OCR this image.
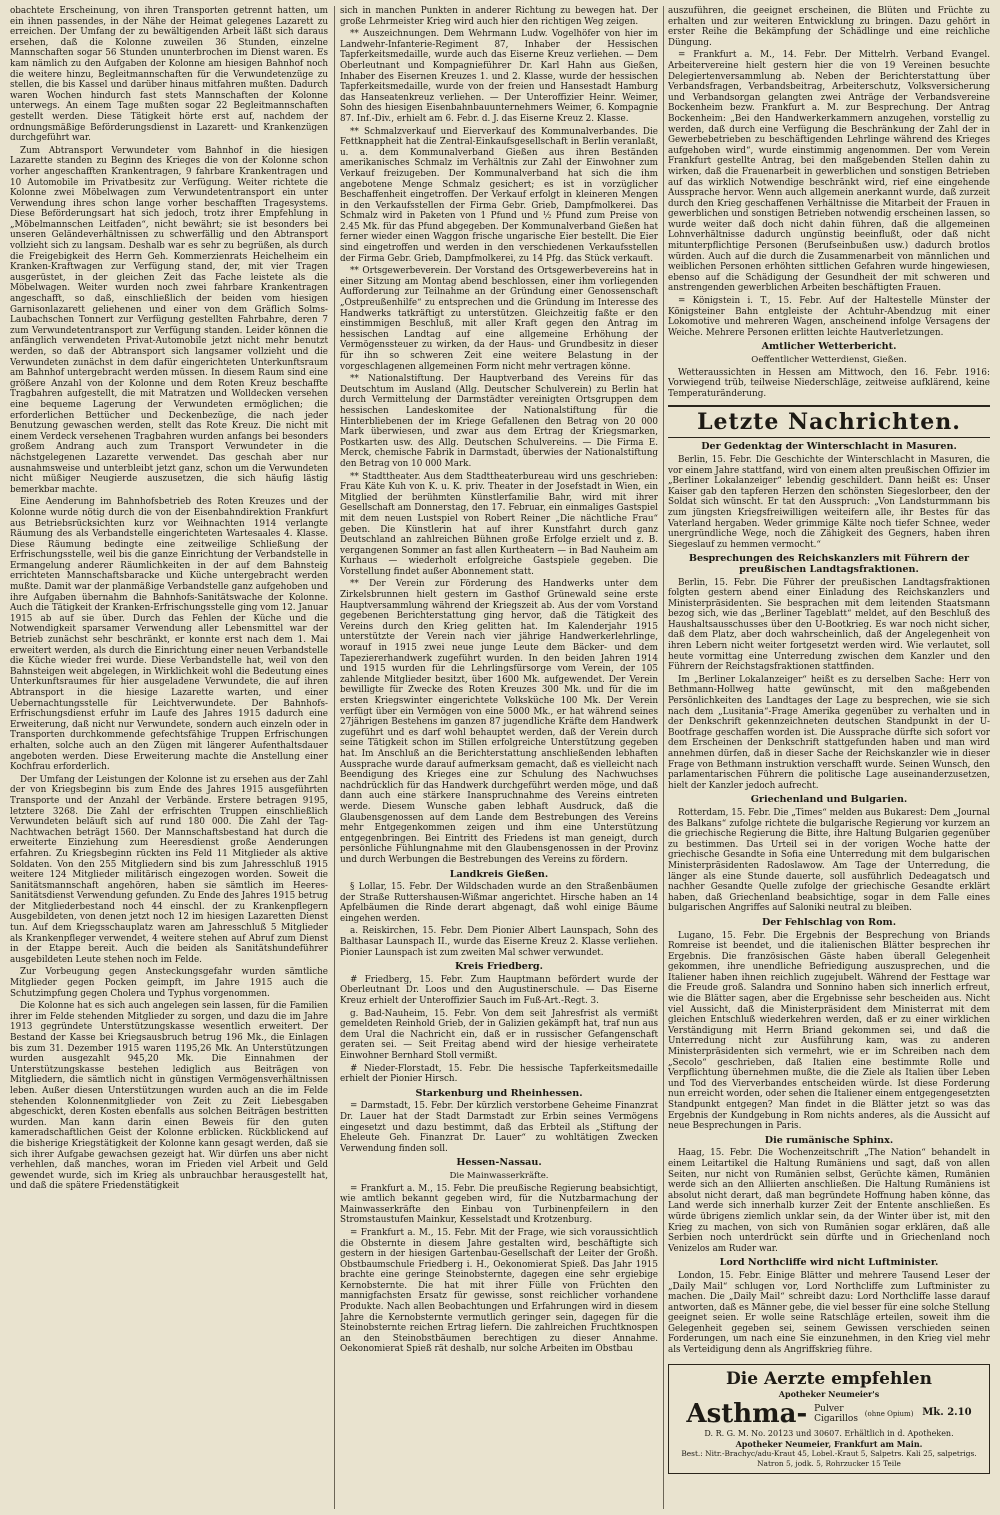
obachtete Erscheinung, von ihren Transporten getrennt hatten, um ein ihnen passendes, in der Nähe der Heimat gelegenes Lazarett zu erreichen. Der Umfang der zu bewältigenden Arbeit läßt sich daraus ersehen, daß die Kolonne zuweilen 36 Stunden, einzelne Mannschaften sogar 56 Stunden ununterbrochen im Dienst waren. Es kam nämlich zu den Aufgaben der Kolonne am hiesigen Bahnhof noch die weitere hinzu, Begleitmannschaften für die Verwundetenzüge zu stellen, die bis Kassel und darüber hinaus mitfahren mußten. Dadurch waren Wochen hindurch fast stets Mannschaften der Kolonne unterwegs. An einem Tage mußten sogar 22 Begleitmannschaften gestellt werden. Diese Tätigkeit hörte erst auf, nachdem der ordnungsmäßige Beförderungsdienst in Lazarett- und Krankenzügen durchgeführt war.

Zum Abtransport Verwundeter vom Bahnhof in die hiesigen Lazarette standen zu Beginn des Krieges die von der Kolonne schon vorher angeschafften Krankentragen, 9 fahrbare Krankentragen und 10 Automobile im Privatbesitz zur Verfügung. Weiter richtete die Kolonne zwei Möbelwagen zum Verwundetentransport ein unter Verwendung ihres schon lange vorher beschafften Tragesystems. Diese Beförderungsart hat sich jedoch, trotz ihrer Empfehlung in „Möbelmannschen Leitfaden“, nicht bewährt; sie ist besonders bei unseren Geländeverhältnissen zu schwerfällig und den Abtransport vollzieht sich zu langsam. Deshalb war es sehr zu begrüßen, als durch die Freigebigkeit des Herrn Geh. Kommerzienrats Heichelheim ein Kranken-Kraftwagen zur Verfügung stand, der, mit vier Tragen ausgerüstet, in der gleichen Zeit das Fache leistete als die Möbelwagen. Weiter wurden noch zwei fahrbare Krankentragen angeschafft, so daß, einschließlich der beiden vom hiesigen Garnisonlazarett geliehenen und einer von dem Gräflich Solms-Laubachschen Tonnert zur Verfügung gestellten Fahrbahre, deren 7 zum Verwundetentransport zur Verfügung standen. Leider können die anfänglich verwendeten Privat-Automobile jetzt nicht mehr benutzt werden, so daß der Abtransport sich langsamer vollzieht und die Verwundeten zunächst in dem dafür eingerichteten Unterkunftsraum am Bahnhof untergebracht werden müssen. In diesem Raum sind eine größere Anzahl von der Kolonne und dem Roten Kreuz beschaffte Tragbahren aufgestellt, die mit Matratzen und Wolldecken versehen eine bequeme Lagerung der Verwundeten ermöglichen; die erforderlichen Bettücher und Deckenbezüge, die nach jeder Benutzung gewaschen werden, stellt das Rote Kreuz. Die nicht mit einem Verdeck versehenen Tragbahren wurden anfangs bei besonders großem Andrang auch zum Transport Verwundeter in die nächstgelegenen Lazarette verwendet. Das geschah aber nur ausnahmsweise und unterbleibt jetzt ganz, schon um die Verwundeten nicht müßiger Neugierde auszusetzen, die sich häufig lästig bemerkbar machte.

Eine Aenderung im Bahnhofsbetrieb des Roten Kreuzes und der Kolonne wurde nötig durch die von der Eisenbahndirektion Frankfurt aus Betriebsrücksichten kurz vor Weihnachten 1914 verlangte Räumung des als Verbandstelle eingerichteten Wartesaales 4. Klasse. Diese Räumung bedingte eine zeitweilige Schließung der Erfrischungsstelle, weil bis die ganze Einrichtung der Verbandstelle in Ermangelung anderer Räumlichkeiten in der auf dem Bahnsteig errichteten Mannschaftsbaracke und Küche untergebracht werden mußte. Damit war der planmäßige Verbandstelle ganz aufgehoben und ihre Aufgaben übernahm die Bahnhofs-Sanitätswache der Kolonne. Auch die Tätigkeit der Kranken-Erfrischungsstelle ging vom 12. Januar 1915 ab auf sie über. Durch das Fehlen der Küche und die Notwendigkeit sparsamer Verwendung aller Lebensmittel war der Betrieb zunächst sehr beschränkt, er konnte erst nach dem 1. Mai erweitert werden, als durch die Einrichtung einer neuen Verbandstelle die Küche wieder frei wurde. Diese Verbandstelle hat, weil von den Bahnsteigen weit abgelegen, in Wirklichkeit wohl die Bedeutung eines Unterkunftsraumes für hier ausgeladene Verwundete, die auf ihren Abtransport in die hiesige Lazarette warten, und einer Uebernachtungsstelle für Leichtverwundete. Der Bahnhofs-Erfrischungsdienst erfuhr im Laufe des Jahres 1915 dadurch eine Erweiterung, daß nicht nur Verwundete, sondern auch einzeln oder in Transporten durchkommende gefechtsfähige Truppen Erfrischungen erhalten, solche auch an den Zügen mit längerer Aufenthaltsdauer angeboten werden. Diese Erweiterung machte die Anstellung einer Kochfrau erforderlich.

Der Umfang der Leistungen der Kolonne ist zu ersehen aus der Zahl der von Kriegsbeginn bis zum Ende des Jahres 1915 ausgeführten Transporte und der Anzahl der Verbände. Erstere betragen 9195, letztere 3268. Die Zahl der erfrischten Truppen einschließlich Verwundeten beläuft sich auf rund 180 000. Die Zahl der Tag-Nachtwachen beträgt 1560. Der Mannschaftsbestand hat durch die erweiterte Einziehung zum Heeresdienst große Aenderungen erfahren. Zu Kriegsbeginn rückten ins Feld 11 Mitglieder als aktive Soldaten. Von den 255 Mitgliedern sind bis zum Jahresschluß 1915 weitere 124 Mitglieder militärisch eingezogen worden. Soweit die Sanitätsmannschaft angehören, haben sie sämtlich im Heeres-Sanitätsdienst Verwendung gefunden. Zu Ende des Jahres 1915 betrug der Mitgliederbestand noch 44 einschl. der zu Krankenpflegern Ausgebildeten, von denen jetzt noch 12 im hiesigen Lazaretten Dienst tun. Auf dem Kriegsschauplatz waren am Jahresschluß 5 Mitglieder als Krankenpfleger verwendet, 4 weitere stehen auf Abruf zum Dienst in der Etappe bereit. Auch die beiden als Sanitätshundeführer ausgebildeten Leute stehen noch im Felde.

Zur Vorbeugung gegen Ansteckungsgefahr wurden sämtliche Mitglieder gegen Pocken geimpft, im Jahre 1915 auch die Schutzimpfung gegen Cholera und Typhus vorgenommen.

Die Kolonne hat es sich auch angelegen sein lassen, für die Familien ihrer im Felde stehenden Mitglieder zu sorgen, und dazu die im Jahre 1913 gegründete Unterstützungskasse wesentlich erweitert. Der Bestand der Kasse bei Kriegsausbruch betrug 196 Mk., die Einlagen bis zum 31. Dezember 1915 waren 1195,26 Mk. An Unterstützungen wurden ausgezahlt 945,20 Mk. Die Einnahmen der Unterstützungskasse bestehen lediglich aus Beiträgen von Mitgliedern, die sämtlich nicht in günstigen Vermögensverhältnissen leben. Außer diesen Unterstützungen wurden auch an die im Felde stehenden Kolonnenmitglieder von Zeit zu Zeit Liebesgaben abgeschickt, deren Kosten ebenfalls aus solchen Beiträgen bestritten wurden. Man kann darin einen Beweis für den guten kameradschaftlichen Geist der Kolonne erblicken. Rückblickend auf die bisherige Kriegstätigkeit der Kolonne kann gesagt werden, daß sie sich ihrer Aufgabe gewachsen gezeigt hat. Wir dürfen uns aber nicht verhehlen, daß manches, woran im Frieden viel Arbeit und Geld gewendet wurde, sich im Krieg als unbrauchbar herausgestellt hat, und daß die spätere Friedenstätigkeit

sich in manchen Punkten in anderer Richtung zu bewegen hat. Der große Lehrmeister Krieg wird auch hier den richtigen Weg zeigen.

** Auszeichnungen. Dem Wehrmann Ludw. Vogelhöfer von hier im Landwehr-Infanterie-Regiment 87, Inhaber der Hessischen Tapferkeitsmedaille, wurde auch das Eiserne Kreuz verliehen. — Dem Oberleutnant und Kompagnieführer Dr. Karl Hahn aus Gießen, Inhaber des Eisernen Kreuzes 1. und 2. Klasse, wurde der hessischen Tapferkeitsmedaille, wurde von der freien und Hansestadt Hamburg das Hanseatenkreuz verliehen. — Der Unteroffizier Heinr. Weimer, Sohn des hiesigen Eisenbahnbauunternehmers Weimer, 6. Kompagnie 87. Inf.-Div., erhielt am 6. Febr. d. J. das Eiserne Kreuz 2. Klasse.

** Schmalzverkauf und Eierverkauf des Kommunalverbandes. Die Fettknappheit hat die Zentral-Einkaufsgesellschaft in Berlin veranlaßt, u. a. dem Kommunalverband Gießen aus ihren Beständen amerikanisches Schmalz im Verhältnis zur Zahl der Einwohner zum Verkauf freizugeben. Der Kommunalverband hat sich die ihm angebotene Menge Schmalz gesichert; es ist in vorzüglicher Beschaffenheit eingetroffen. Der Verkauf erfolgt in kleineren Mengen in den Verkaufsstellen der Firma Gebr. Grieb, Dampfmolkerei. Das Schmalz wird in Paketen von 1 Pfund und ½ Pfund zum Preise von 2.45 Mk. für das Pfund abgegeben. Der Kommunalverband Gießen hat ferner wieder einen Waggon frische ungarische Eier bestellt. Die Eier sind eingetroffen und werden in den verschiedenen Verkaufsstellen der Firma Gebr. Grieb, Dampfmolkerei, zu 14 Pfg. das Stück verkauft.

** Ortsgewerbeverein. Der Vorstand des Ortsgewerbevereins hat in einer Sitzung am Montag abend beschlossen, einer ihm vorliegenden Aufforderung zur Teilnahme an der Gründung einer Genossenschaft „Ostpreußenhilfe“ zu entsprechen und die Gründung im Interesse des Handwerks tatkräftigt zu unterstützen. Gleichzeitig faßte er den einstimmigen Beschluß, mit aller Kraft gegen den Antrag im hessischen Landtag auf eine allgemeine Erhöhung der Vermögenssteuer zu wirken, da der Haus- und Grundbesitz in dieser für ihn so schweren Zeit eine weitere Belastung in der vorgeschlagenen allgemeinen Form nicht mehr vertragen könne.

** Nationalstiftung. Der Hauptverband des Vereins für das Deutschtum im Ausland (Allg. Deutscher Schulverein) zu Berlin hat durch Vermittelung der Darmstädter vereinigten Ortsgruppen dem hessischen Landeskomitee der Nationalstiftung für die Hinterbliebenen der im Kriege Gefallenen den Betrag von 20 000 Mark überwiesen, und zwar aus dem Ertrag der Kriegsmarken, Postkarten usw. des Allg. Deutschen Schulvereins. — Die Firma E. Merck, chemische Fabrik in Darmstadt, überwies der Nationalstiftung den Betrag von 10 000 Mark.

** Stadttheater. Aus dem Stadttheaterbureau wird uns geschrieben: Frau Käte Kuh von K. u. K. priv. Theater in der Josefstadt in Wien, ein Mitglied der berühmten Künstlerfamilie Bahr, wird mit ihrer Gesellschaft am Donnerstag, den 17. Februar, ein einmaliges Gastspiel mit dem neuen Lustspiel von Robert Reiner „Die nächtliche Frau“ geben. Die Künstlerin hat auf ihrer Kunstfahrt durch ganz Deutschland an zahlreichen Bühnen große Erfolge erzielt und z. B. vergangenen Sommer an fast allen Kurtheatern — in Bad Nauheim am Kurhaus — wiederholt erfolgreiche Gastspiele gegeben. Die Vorstellung findet außer Abonnement statt.

** Der Verein zur Förderung des Handwerks unter dem Zirkelsbrunnen hielt gestern im Gasthof Grünewald seine erste Hauptversammlung während der Kriegszeit ab. Aus der vom Vorstand gegebenen Berichterstattung ging hervor, daß die Tätigkeit des Vereins durch den Krieg gelitten hat. Im Kalenderjahr 1915 unterstützte der Verein nach vier jährige Handwerkerlehrlinge, worauf in 1915 zwei neue junge Leute dem Bäcker- und dem Tapeziererhandwerk zugeführt wurden. In den beiden Jahren 1914 und 1915 wurden für die Lehrlingsfürsorge vom Verein, der 105 zahlende Mitglieder besitzt, über 1600 Mk. aufgewendet. Der Verein bewilligte für Zwecke des Roten Kreuzes 300 Mk. und für die im ersten Kriegswinter eingerichtete Volksküche 100 Mk. Der Verein verfügt über ein Vermögen von eine 5000 Mk., er hat während seines 27jährigen Bestehens im ganzen 87 jugendliche Kräfte dem Handwerk zugeführt und es darf wohl behauptet werden, daß der Verein durch seine Tätigkeit schon im Stillen erfolgreiche Unterstützung gegeben hat. Im Anschluß an die Berichterstattung anschließenden lebhaften Aussprache wurde darauf aufmerksam gemacht, daß es vielleicht nach Beendigung des Krieges eine zur Schulung des Nachwuchses nachdrücklich für das Handwerk durchgeführt werden möge, und daß dann auch eine stärkere Inanspruchnahme des Vereins eintreten werde. Diesem Wunsche gaben lebhaft Ausdruck, daß die Glaubensgenossen auf dem Lande dem Bestrebungen des Vereins mehr Entgegenkommen zeigen und ihm eine Unterstützung entgegenbringen. Bei Eintritt des Friedens ist man geneigt, durch persönliche Fühlungnahme mit den Glaubensgenossen in der Provinz und durch Werbungen die Bestrebungen des Vereins zu fördern.

Landkreis Gießen.

§ Lollar, 15. Febr. Der Wildschaden wurde an den Straßenbäumen der Straße Ruttershausen-Wißmar angerichtet. Hirsche haben an 14 Apfelbäumen die Rinde derart abgenagt, daß wohl einige Bäume eingehen werden.

a. Reiskirchen, 15. Febr. Dem Pionier Albert Launspach, Sohn des Balthasar Launspach II., wurde das Eiserne Kreuz 2. Klasse verliehen. Pionier Launspach ist zum zweiten Mal schwer verwundet.

Kreis Friedberg.

# Friedberg, 15. Febr. Zum Hauptmann befördert wurde der Oberleutnant Dr. Loos und den Augustinerschule. — Das Eiserne Kreuz erhielt der Unteroffizier Sauch im Fuß-Art.-Regt. 3.

g. Bad-Nauheim, 15. Febr. Von dem seit Jahresfrist als vermißt gemeldeten Reinhold Grieb, der in Galizien gekämpft hat, traf nun aus dem Ural die Nachricht ein, daß er in russischer Gefangenschaft geraten sei. — Seit Freitag abend wird der hiesige verheiratete Einwohner Bernhard Stoll vermißt.

# Nieder-Florstadt, 15. Febr. Die hessische Tapferkeitsmedaille erhielt der Pionier Hirsch.

Starkenburg und Rheinhessen.

= Darmstadt, 15. Febr. Der kürzlich verstorbene Geheime Finanzrat Dr. Lauer hat der Stadt Darmstadt zur Erbin seines Vermögens eingesetzt und dazu bestimmt, daß das Erbteil als „Stiftung der Eheleute Geh. Finanzrat Dr. Lauer“ zu wohltätigen Zwecken Verwendung finden soll.

Hessen-Nassau.
Die Mainwasserkräfte.

= Frankfurt a. M., 15. Febr. Die preußische Regierung beabsichtigt, wie amtlich bekannt gegeben wird, für die Nutzbarmachung der Mainwasserkräfte den Einbau von Turbinenpfeilern in den Stromstaustufen Mainkur, Kesselstadt und Krotzenburg.

= Frankfurt a. M., 15. Febr. Mit der Frage, wie sich voraussichtlich die Obsternte in diesem Jahre gestalten wird, beschäftigte sich gestern in der hiesigen Gartenbau-Gesellschaft der Leiter der Großh. Obstbaumschule Friedberg i. H., Oekonomierat Spieß. Das Jahr 1915 brachte eine geringe Steinobsternte, dagegen eine sehr ergiebige Kernobsternte. Die hat mit ihrer Fülle von Früchten den mannigfachsten Ersatz für gewisse, sonst reichlicher vorhandene Produkte. Nach allen Beobachtungen und Erfahrungen wird in diesem Jahre die Kernobsternte vermutlich geringer sein, dagegen für die Steinobsternte reichen Ertrag liefern. Die zahlreichen Fruchtknospen an den Steinobstbäumen berechtigen zu dieser Annahme. Oekonomierat Spieß rät deshalb, nur solche Arbeiten im Obstbau

auszuführen, die geeignet erscheinen, die Blüten und Früchte zu erhalten und zur weiteren Entwicklung zu bringen. Dazu gehört in erster Reihe die Bekämpfung der Schädlinge und eine reichliche Düngung.

= Frankfurt a. M., 14. Febr. Der Mittelrh. Verband Evangel. Arbeitervereine hielt gestern hier die von 19 Vereinen besuchte Delegiertenversammlung ab. Neben der Berichterstattung über Verbandsfragen, Verbandsbeitrag, Arbeiterschutz, Volksversicherung und Verbandsorgan gelangten zwei Anträge der Verbandsvereine Bockenheim bezw. Frankfurt a. M. zur Besprechung. Der Antrag Bockenheim: „Bei den Handwerkerkammern anzugehen, vorstellig zu werden, daß durch eine Verfügung die Beschränkung der Zahl der in Gewerbebetrieben zu beschäftigenden Lehrlinge während des Krieges aufgehoben wird“, wurde einstimmig angenommen. Der vom Verein Frankfurt gestellte Antrag, bei den maßgebenden Stellen dahin zu wirken, daß die Frauenarbeit in gewerblichen und sonstigen Betrieben auf das wirklich Notwendige beschränkt wird, rief eine eingehende Aussprache hervor. Wenn auch allgemein anerkannt wurde, daß zurzeit durch den Krieg geschaffenen Verhältnisse die Mitarbeit der Frauen in gewerblichen und sonstigen Betrieben notwendig erscheinen lassen, so wurde weiter daß doch nicht dahin führen, daß die allgemeinen Lohnverhältnisse dadurch ungünstig beeinflußt, oder daß nicht mitunterpflichtige Personen (Berufseinbußen usw.) dadurch brotlos würden. Auch auf die durch die Zusammenarbeit von männlichen und weiblichen Personen erhöhten sittlichen Gefahren wurde hingewiesen, ebenso auf die Schädigung der Gesundheit der mit schweren und anstrengenden gewerblichen Arbeiten beschäftigten Frauen.

= Königstein i. T., 15. Febr. Auf der Haltestelle Münster der Königsteiner Bahn entgleiste der Achtuhr-Abendzug mit einer Lokomotive und mehreren Wagen, anscheinend infolge Versagens der Weiche. Mehrere Personen erlitten leichte Hautverletzungen.

Amtlicher Wetterbericht.
Oeffentlicher Wetterdienst, Gießen.

Wetteraussichten in Hessen am Mittwoch, den 16. Febr. 1916: Vorwiegend trüb, teilweise Niederschläge, zeitweise aufklärend, keine Temperaturänderung.

Letzte Nachrichten.
Der Gedenktag der Winterschlacht in Masuren.

Berlin, 15. Febr. Die Geschichte der Winterschlacht in Masuren, die vor einem Jahre stattfand, wird von einem alten preußischen Offizier im „Berliner Lokalanzeiger“ lebendig geschildert. Dann heißt es: Unser Kaiser gab den tapferen Herzen den schönsten Siegeslorbeer, den der Soldat sich wünscht. Er tat den Ausspruch: „Von Landsturmmann bis zum jüngsten Kriegsfreiwilligen weiteifern alle, ihr Bestes für das Vaterland hergaben. Weder grimmige Kälte noch tiefer Schnee, weder unergründliche Wege, noch die Zähigkeit des Gegners, haben ihren Siegeslauf zu hemmen vermocht.“

Besprechungen des Reichskanzlers mit Führern der preußischen Landtagsfraktionen.

Berlin, 15. Febr. Die Führer der preußischen Landtagsfraktionen folgten gestern abend einer Einladung des Reichskanzlers und Ministerpräsidenten. Sie besprachen mit dem leitenden Staatsmann bezog sich, wie das „Berliner Tageblatt“ meldet, auf den Beschluß des Haushaltsausschusses über den U-Bootkrieg. Es war noch nicht sicher, daß dem Platz, aber doch wahrscheinlich, daß der Angelegenheit von ihren Lebern nicht weiter fortgesetzt werden wird. Wie verlautet, soll heute vormittag eine Unterredung zwischen dem Kanzler und den Führern der Reichstagsfraktionen stattfinden.

Im „Berliner Lokalanzeiger“ heißt es zu derselben Sache: Herr von Bethmann-Hollweg hatte gewünscht, mit den maßgebenden Persönlichkeiten des Landtages der Lage zu besprechen, wie sie sich nach dem „Lusitania“-Frage Amerika gegenüber zu verhalten und in der Denkschrift gekennzeichneten deutschen Standpunkt in der U-Bootfrage geschaffen worden ist. Die Aussprache dürfte sich sofort vor dem Erscheinen der Denkschrift stattgefunden haben und man wird annehmen dürfen, daß in dieser Sache der Reichskanzler wie in dieser Frage von Bethmann instruktion verschafft wurde. Seinen Wunsch, den parlamentarischen Führern die politische Lage auseinanderzusetzen, hielt der Kanzler jedoch aufrecht.

Griechenland und Bulgarien.

Rotterdam, 15. Febr. Die „Times“ melden aus Bukarest: Dem „Journal des Balkans“ zufolge richtete die bulgarische Regierung vor kurzem an die griechische Regierung die Bitte, ihre Haltung Bulgarien gegenüber zu bestimmen. Das Urteil sei in der vorigen Woche hatte der griechische Gesandte in Sofia eine Unterredung mit dem bulgarischen Ministerpräsidenten Radoslawow. Am Tage der Unterredung, die länger als eine Stunde dauerte, soll ausführlich Dedeagatsch und nachher Gesandte Quelle zufolge der griechische Gesandte erklärt haben, daß Griechenland beabsichtige, sogar in dem Falle eines bulgarischen Angriffes auf Saloniki neutral zu bleiben.

Der Fehlschlag von Rom.

Lugano, 15. Febr. Die Ergebnis der Besprechung von Briands Romreise ist beendet, und die italienischen Blätter besprechen ihr Ergebnis. Die französischen Gäste haben überall Gelegenheit gekommen, ihre unendliche Befriedigung auszusprechen, und die Italiener haben ihnen reichlich zugejubelt. Während der Festtage war die Freude groß. Salandra und Sonnino haben sich innerlich erfreut, wie die Blätter sagen, aber die Ergebnisse sehr bescheiden aus. Nicht viel Aussicht, daß die Ministerpräsident dem Ministerrat mit dem gleichen Entschluß wiederkehren werden, daß er zu einer wirklichen Verständigung mit Herrn Briand gekommen sei, und daß die Unterredung nicht zur Ausführung kam, was zu anderen Ministerpräsidenten sich vermehrt, wie er im Schreiben nach dem „Secolo“ geschrieben, daß Italien eine bestimmte Rolle und Verpflichtung übernehmen mußte, die die Ziele als Italien über Leben und Tod des Vierverbandes entscheiden würde. Ist diese Forderung nun erreicht worden, oder sehen die Italiener einem entgegengesetzten Standpunkt entgegen? Man findet in die Blätter jetzt so was das Ergebnis der Kundgebung in Rom nichts anderes, als die Aussicht auf neue Besprechungen in Paris.

Die rumänische Sphinx.

Haag, 15. Febr. Die Wochenzeitschrift „The Nation“ behandelt in einem Leitartikel die Haltung Rumäniens und sagt, daß von allen Seiten, nur nicht von Rumänien selbst, Gerüchte kämen, Rumänien werde sich an den Alliierten anschließen. Die Haltung Rumäniens ist absolut nicht derart, daß man begründete Hoffnung haben könne, das Land werde sich innerhalb kurzer Zeit der Entente anschließen. Es würde übrigens ziemlich unklar sein, da der Winter über ist, mit den Krieg zu machen, von sich von Rumänien sogar erklären, daß alle Serbien noch unterdrückt sein dürfte und in Griechenland noch Venizelos am Ruder war.

Lord Northcliffe wird nicht Luftminister.

London, 15. Febr. Einige Blätter und mehrere Tausend Leser der „Daily Mail“ schlugen vor, Lord Northcliffe zum Luftminister zu machen. Die „Daily Mail“ schreibt dazu: Lord Northcliffe lasse darauf antworten, daß es Männer gebe, die viel besser für eine solche Stellung geeignet seien. Er wolle seine Ratschläge erteilen, soweit ihm die Gelegenheit gegeben sei, seinem Gewissen verschieden seinen Forderungen, um nach eine Sie einzunehmen, in den Krieg viel mehr als Verteidigung denn als Angriffskrieg führe.

Die Aerzte empfehlen
Apotheker Neumeier's
Asthma- Pulver
Cigarillos (ohne Opium) Mk. 2.10
D. R. G. M. No. 20123 und 30607. Erhältlich in d. Apotheken.
Apotheker Neumeier, Frankfurt am Main.
Best.: Nitr.-Brachyc/adu-Kraut 45, Lobel.-Kraut 5, Salpetrs. Kali 25, salpetrigs. Natron 5, jodk. 5, Rohrzucker 15 Teile
